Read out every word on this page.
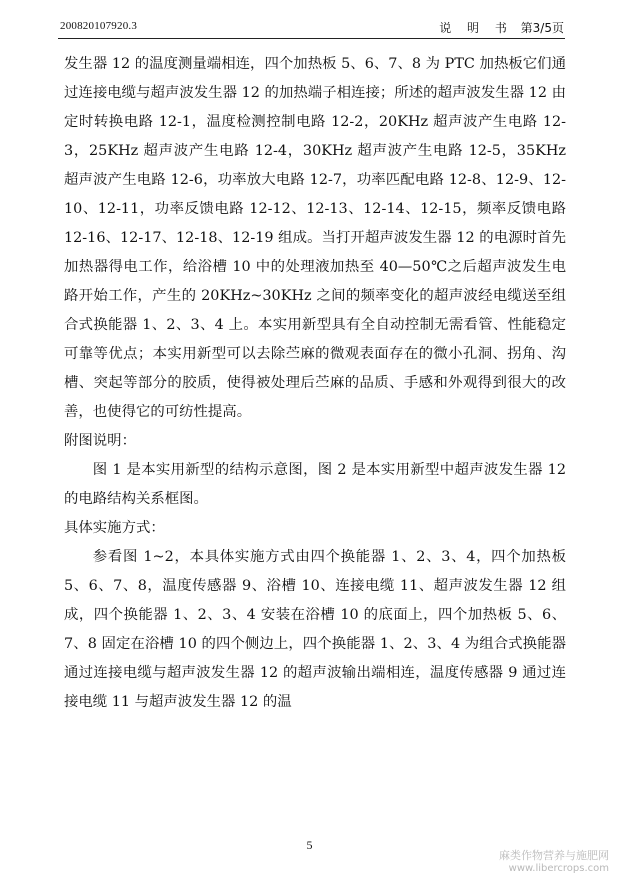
200820107920.3	说 明 书 第3/5页

发生器 12 的温度测量端相连，四个加热板 5、6、7、8 为 PTC 加热板它们通过连接电缆与超声波发生器 12 的加热端子相连接；所述的超声波发生器 12 由定时转换电路 12-1，温度检测控制电路 12-2，20KHz 超声波产生电路 12-3，25KHz 超声波产生电路 12-4，30KHz 超声波产生电路 12-5，35KHz 超声波产生电路 12-6，功率放大电路 12-7，功率匹配电路 12-8、12-9、12-10、12-11，功率反馈电路 12-12、12-13、12-14、12-15，频率反馈电路 12-16、12-17、12-18、12-19 组成。当打开超声波发生器 12 的电源时首先加热器得电工作，给浴槽 10 中的处理液加热至 40—50℃之后超声波发生电路开始工作，产生的 20KHz~30KHz 之间的频率变化的超声波经电缆送至组合式换能器 1、2、3、4 上。本实用新型具有全自动控制无需看管、性能稳定可靠等优点；本实用新型可以去除苎麻的微观表面存在的微小孔洞、拐角、沟槽、突起等部分的胶质，使得被处理后苎麻的品质、手感和外观得到很大的改善，也使得它的可纺性提高。

附图说明：

图 1 是本实用新型的结构示意图，图 2 是本实用新型中超声波发生器 12 的电路结构关系框图。

具体实施方式：

参看图 1~2，本具体实施方式由四个换能器 1、2、3、4，四个加热板 5、6、7、8，温度传感器 9、浴槽 10、连接电缆 11、超声波发生器 12 组成，四个换能器 1、2、3、4 安装在浴槽 10 的底面上，四个加热板 5、6、7、8 固定在浴槽 10 的四个侧边上，四个换能器 1、2、3、4 为组合式换能器通过连接电缆与超声波发生器 12 的超声波输出端相连，温度传感器 9 通过连接电缆 11 与超声波发生器 12 的温

5
麻类作物营养与施肥网
www.libercrops.com
